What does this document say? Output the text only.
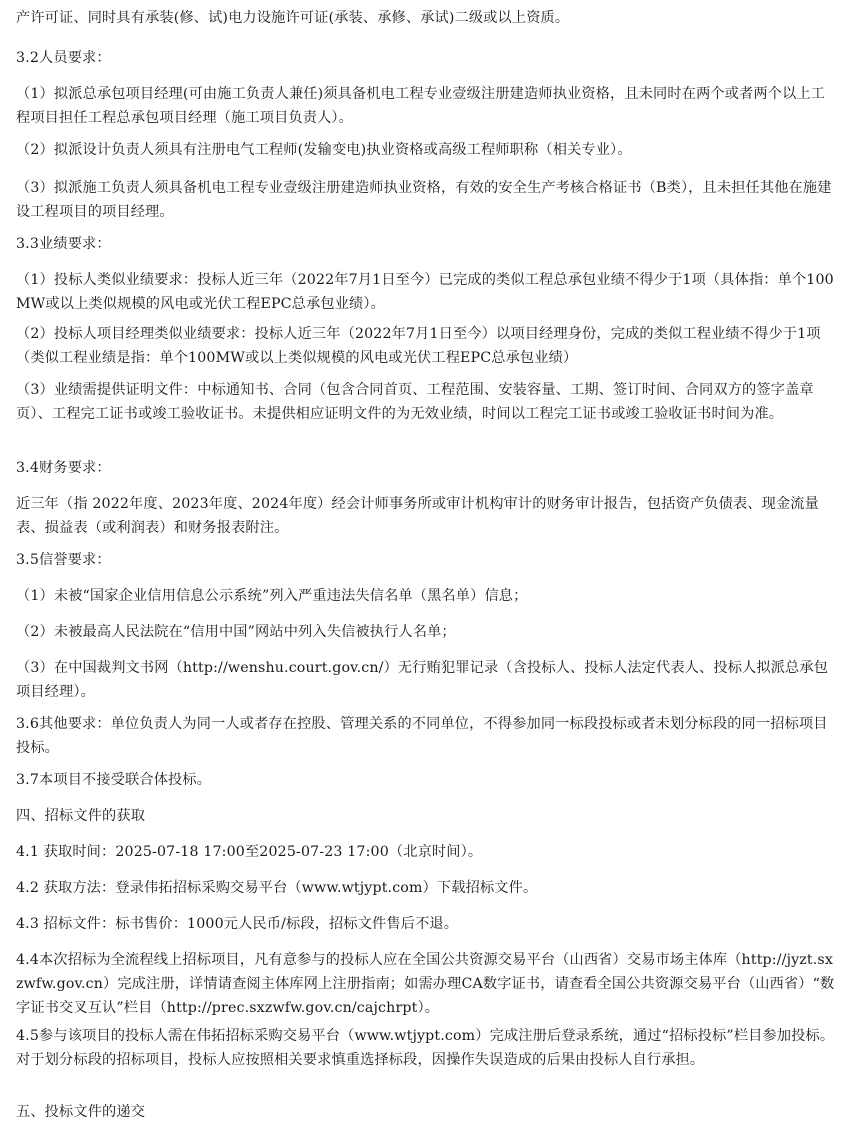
产许可证、同时具有承装(修、试)电力设施许可证(承装、承修、承试)二级或以上资质。

3.2人员要求：

（1）拟派总承包项目经理(可由施工负责人兼任)须具备机电工程专业壹级注册建造师执业资格，且未同时在两个或者两个以上工程项目担任工程总承包项目经理（施工项目负责人）。

（2）拟派设计负责人须具有注册电气工程师(发输变电)执业资格或高级工程师职称（相关专业）。

（3）拟派施工负责人须具备机电工程专业壹级注册建造师执业资格，有效的安全生产考核合格证书（B类），且未担任其他在施建设工程项目的项目经理。

3.3业绩要求：

（1）投标人类似业绩要求：投标人近三年（2022年7月1日至今）已完成的类似工程总承包业绩不得少于1项（具体指：单个100MW或以上类似规模的风电或光伏工程EPC总承包业绩）。

（2）投标人项目经理类似业绩要求：投标人近三年（2022年7月1日至今）以项目经理身份，完成的类似工程业绩不得少于1项（类似工程业绩是指：单个100MW或以上类似规模的风电或光伏工程EPC总承包业绩）

（3）业绩需提供证明文件：中标通知书、合同（包含合同首页、工程范围、安装容量、工期、签订时间、合同双方的签字盖章页）、工程完工证书或竣工验收证书。未提供相应证明文件的为无效业绩，时间以工程完工证书或竣工验收证书时间为准。

3.4财务要求：

近三年（指 2022年度、2023年度、2024年度）经会计师事务所或审计机构审计的财务审计报告，包括资产负债表、现金流量表、损益表（或利润表）和财务报表附注。

3.5信誉要求：

（1）未被“国家企业信用信息公示系统”列入严重违法失信名单（黑名单）信息；

（2）未被最高人民法院在“信用中国”网站中列入失信被执行人名单；

（3）在中国裁判文书网（http://wenshu.court.gov.cn/）无行贿犯罪记录（含投标人、投标人法定代表人、投标人拟派总承包项目经理）。

3.6其他要求：单位负责人为同一人或者存在控股、管理关系的不同单位，不得参加同一标段投标或者未划分标段的同一招标项目投标。

3.7本项目不接受联合体投标。

四、招标文件的获取

4.1 获取时间：2025-07-18 17:00至2025-07-23 17:00（北京时间）。

4.2 获取方法：登录伟拓招标采购交易平台（www.wtjypt.com）下载招标文件。

4.3 招标文件：标书售价：1000元人民币/标段，招标文件售后不退。

4.4本次招标为全流程线上招标项目，凡有意参与的投标人应在全国公共资源交易平台（山西省）交易市场主体库（http://jyzt.sxzwfw.gov.cn）完成注册，详情请查阅主体库网上注册指南；如需办理CA数字证书，请查看全国公共资源交易平台（山西省）“数字证书交叉互认”栏目（http://prec.sxzwfw.gov.cn/cajchrpt）。

4.5参与该项目的投标人需在伟拓招标采购交易平台（www.wtjypt.com）完成注册后登录系统，通过“招标投标”栏目参加投标。对于划分标段的招标项目，投标人应按照相关要求慎重选择标段，因操作失误造成的后果由投标人自行承担。

五、投标文件的递交
